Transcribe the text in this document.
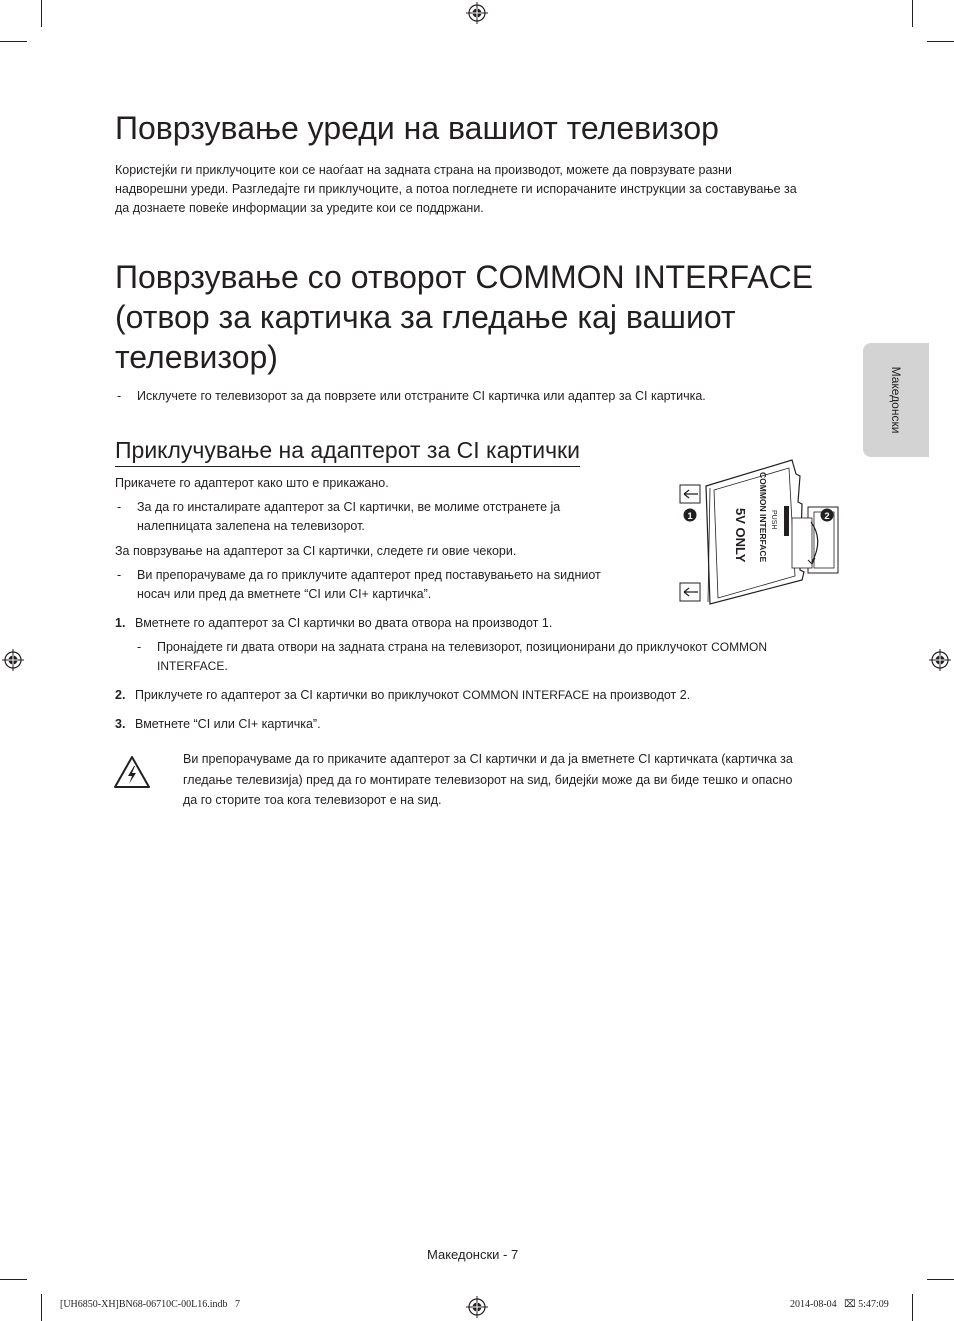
Поврзување уреди на вашиот телевизор

Користејќи ги приклучоците кои се наоѓаат на задната страна на производот, можете да поврзувате разни

надворешни уреди. Разгледајте ги приклучоците, а потоа погледнете ги испорачаните инструкции за составување за

да дознаете повеќе информации за уредите кои се поддржани.

Поврзување со отворот COMMON INTERFACE
(отвор за картичка за гледање кај вашиот
телевизор)
- Исклучете го телевизорот за да поврзете или отстраните CI картичка или адаптер за CI картичка.
Приклучување на адаптерот за CI картички

Прикачете го адаптерот како што е прикажано.

- За да го инсталирате адаптерот за CI картички, ве молиме отстранете ја
налепницата залепена на телевизорот.

За поврзување на адаптерот за CI картички, следете ги овие чекори.

- Ви препорачуваме да го приклучите адаптерот пред поставувањето на ѕидниот
носач или пред да вметнете “CI или CI+ картичка”.
1. Вметнете го адаптерот за CI картички во двата отвора на производот 1.
- Пронајдете ги двата отвори на задната страна на телевизорот, позиционирани до приклучокот COMMON
INTERFACE.
2. Приклучете го адаптерот за CI картички во приклучокот COMMON INTERFACE на производот 2.
3. Вметнете “CI или CI+ картичка”.
Ви препорачуваме да го прикачите адаптерот за CI картички и да ја вметнете CI картичката (картичка за
гледање телевизија) пред да го монтирате телевизорот на ѕид, бидејќи може да ви биде тешко и опасно
да го сторите тоа кога телевизорот е на ѕид.
COMMON INTERFACE PUSH
5V ONLY
1	2
Македонски
Македонски - 7
[UH6850-XH]BN68-06710C-00L16.indb   7	2014-08-04   ⌧ 5:47:09
